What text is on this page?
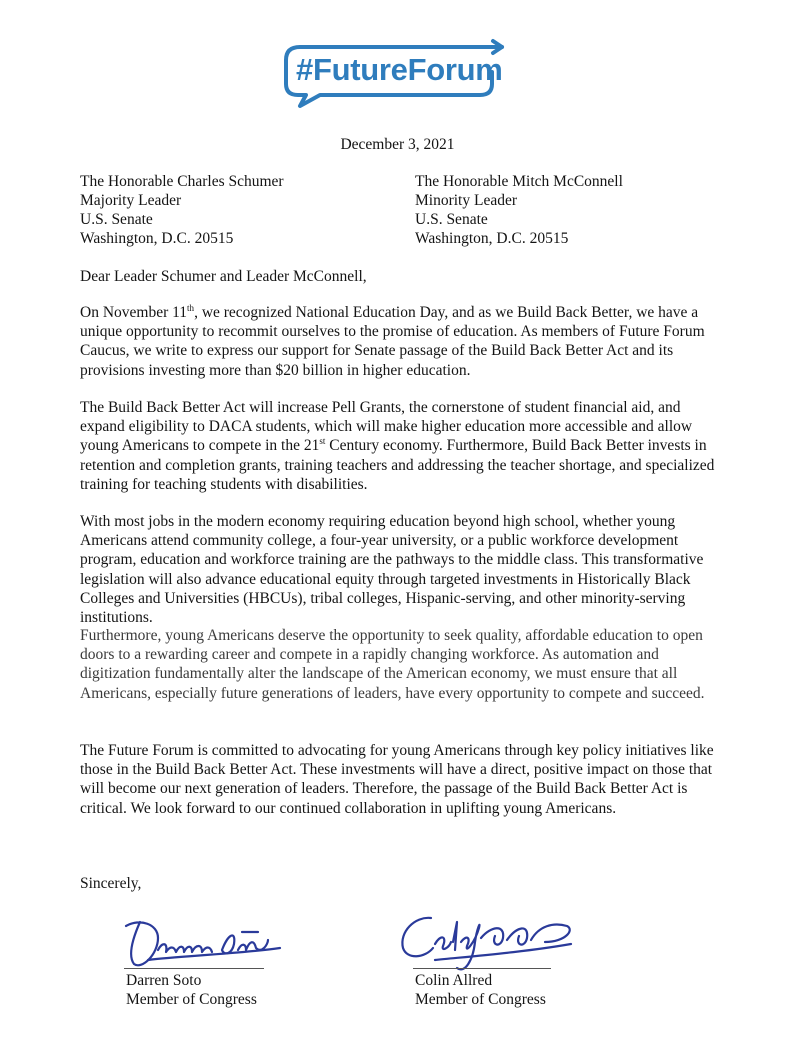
#FutureForum
December 3, 2021
The Honorable Charles Schumer
Majority Leader
U.S. Senate
Washington, D.C. 20515
The Honorable Mitch McConnell
Minority Leader
U.S. Senate
Washington, D.C. 20515
Dear Leader Schumer and Leader McConnell,

On November 11th, we recognized National Education Day, and as we Build Back Better, we have a unique opportunity to recommit ourselves to the promise of education. As members of Future Forum Caucus, we write to express our support for Senate passage of the Build Back Better Act and its provisions investing more than $20 billion in higher education.

The Build Back Better Act will increase Pell Grants, the cornerstone of student financial aid, and expand eligibility to DACA students, which will make higher education more accessible and allow young Americans to compete in the 21st Century economy. Furthermore, Build Back Better invests in retention and completion grants, training teachers and addressing the teacher shortage, and specialized training for teaching students with disabilities.

With most jobs in the modern economy requiring education beyond high school, whether young Americans attend community college, a four-year university, or a public workforce development program, education and workforce training are the pathways to the middle class. This transformative legislation will also advance educational equity through targeted investments in Historically Black Colleges and Universities (HBCUs), tribal colleges, Hispanic-serving, and other minority-serving institutions.

Furthermore, young Americans deserve the opportunity to seek quality, affordable education to open doors to a rewarding career and compete in a rapidly changing workforce. As automation and digitization fundamentally alter the landscape of the American economy, we must ensure that all Americans, especially future generations of leaders, have every opportunity to compete and succeed.

The Future Forum is committed to advocating for young Americans through key policy initiatives like those in the Build Back Better Act. These investments will have a direct, positive impact on those that will become our next generation of leaders. Therefore, the passage of the Build Back Better Act is critical. We look forward to our continued collaboration in uplifting young Americans.

Sincerely,
Darren Soto
Member of Congress
Colin Allred
Member of Congress
